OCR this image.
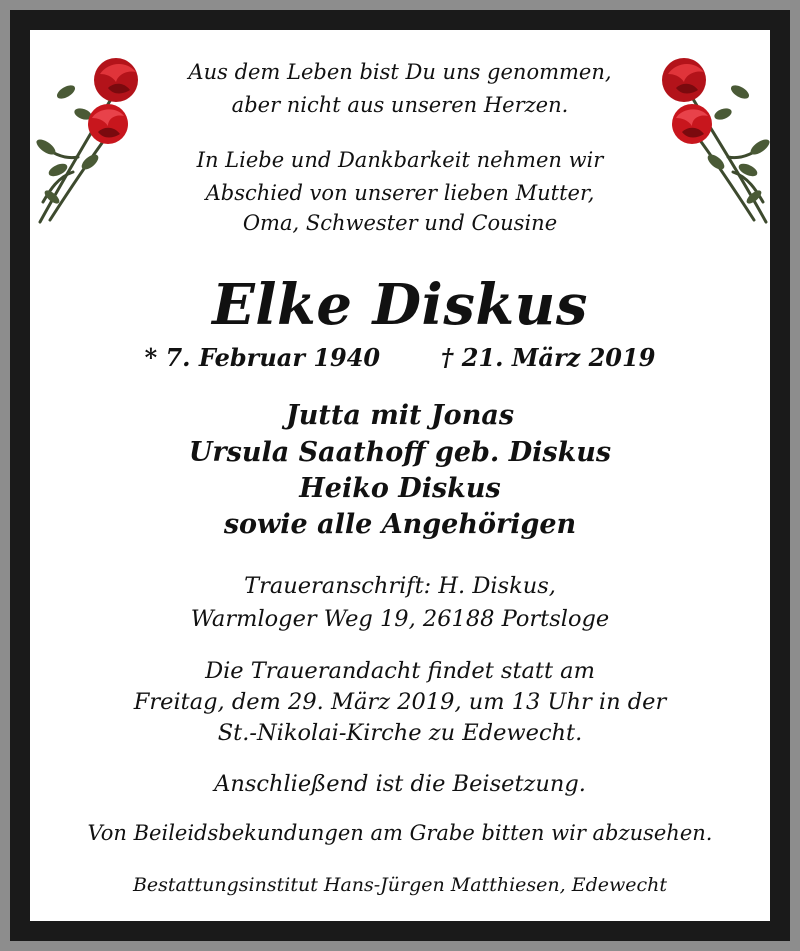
Aus dem Leben bist Du uns genommen,
aber nicht aus unseren Herzen.
In Liebe und Dankbarkeit nehmen wir
Abschied von unserer lieben Mutter,
Oma, Schwester und Cousine
Elke Diskus
* 7. Februar 1940	† 21. März 2019
Jutta mit Jonas
Ursula Saathoff geb. Diskus
Heiko Diskus
sowie alle Angehörigen
Traueranschrift: H. Diskus,
Warmloger Weg 19, 26188 Portsloge
Die Trauerandacht findet statt am
Freitag, dem 29. März 2019, um 13 Uhr in der
St.-Nikolai-Kirche zu Edewecht.
Anschließend ist die Beisetzung.
Von Beileidsbekundungen am Grabe bitten wir abzusehen.
Bestattungsinstitut Hans-Jürgen Matthiesen, Edewecht
